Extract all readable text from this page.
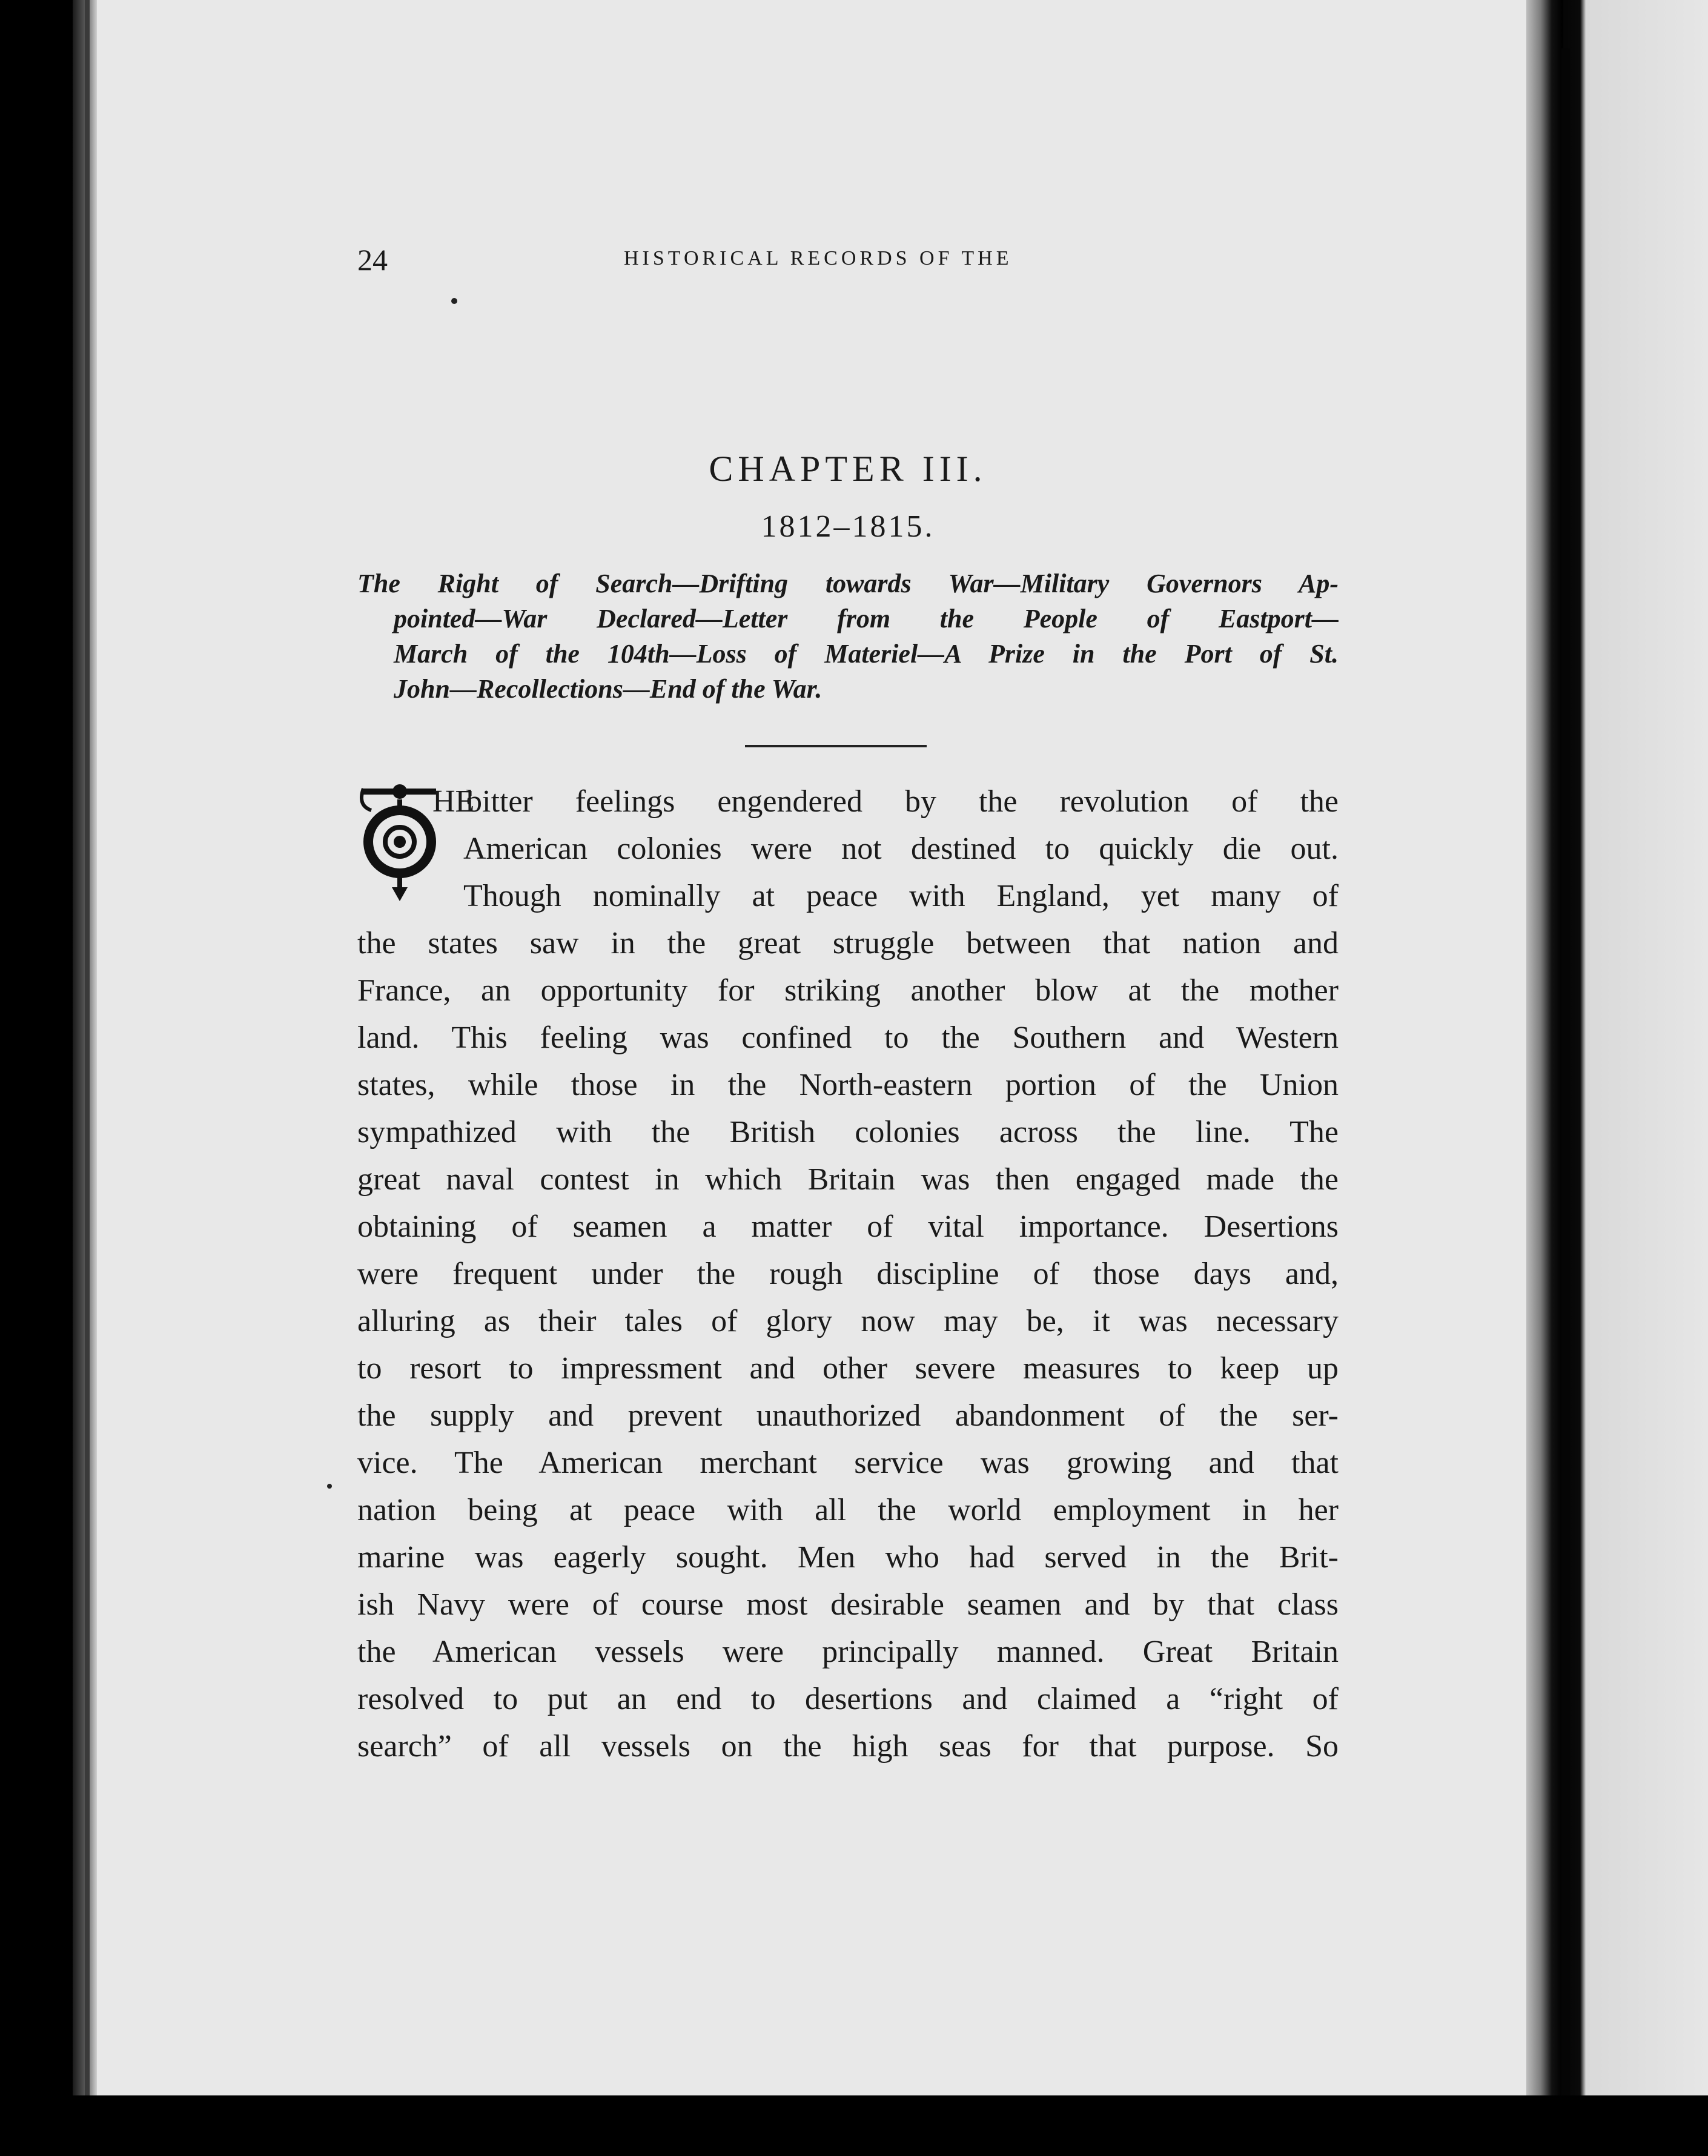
24	HISTORICAL RECORDS OF THE
CHAPTER III.
1812–1815.
The Right of Search—Drifting towards War—Military Governors Ap-
pointed—War Declared—Letter from the People of Eastport—
March of the 104th—Loss of Materiel—A Prize in the Port of St.
John—Recollections—End of the War.
HE
bitter feelings engendered by the revolution of the
American colonies were not destined to quickly die out.
Though nominally at peace with England, yet many of
the states saw in the great struggle between that nation and
France, an opportunity for striking another blow at the mother
land. This feeling was confined to the Southern and Western
states, while those in the North-eastern portion of the Union
sympathized with the British colonies across the line. The
great naval contest in which Britain was then engaged made the
obtaining of seamen a matter of vital importance. Desertions
were frequent under the rough discipline of those days and,
alluring as their tales of glory now may be, it was necessary
to resort to impressment and other severe measures to keep up
the supply and prevent unauthorized abandonment of the ser-
vice. The American merchant service was growing and that
nation being at peace with all the world employment in her
marine was eagerly sought. Men who had served in the Brit-
ish Navy were of course most desirable seamen and by that class
the American vessels were principally manned. Great Britain
resolved to put an end to desertions and claimed a “right of
search” of all vessels on the high seas for that purpose. So
